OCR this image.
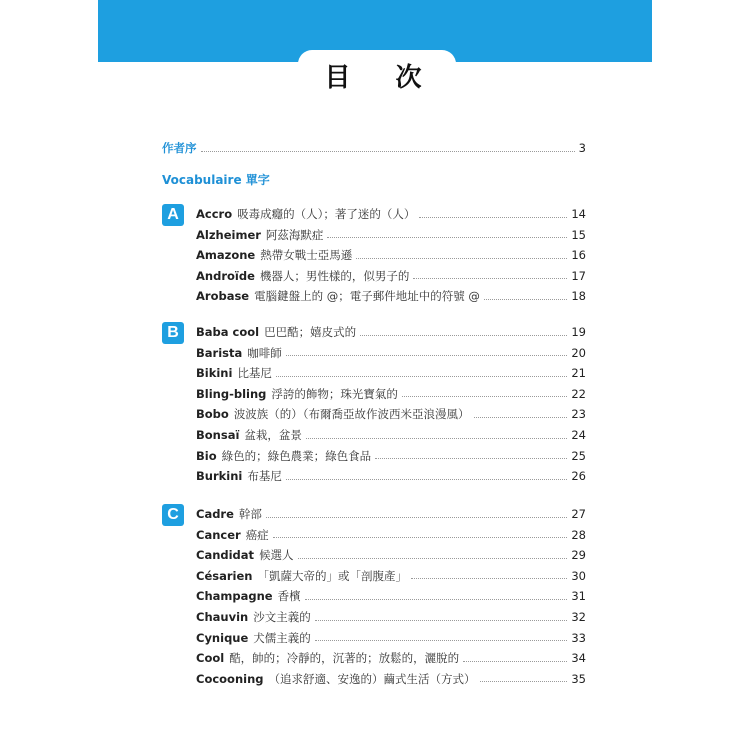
目 次
作者序	3
Vocabulaire 單字
A	Accro 吸毒成癮的（人）；著了迷的（人）	14
Alzheimer 阿茲海默症	15
Amazone 熱帶女戰士亞馬遜	16
Androïde 機器人；男性樣的，似男子的	17
Arobase 電腦鍵盤上的 @；電子郵件地址中的符號 @	18
B	Baba cool 巴巴酷；嬉皮式的	19
Barista 咖啡師	20
Bikini 比基尼	21
Bling-bling 浮誇的飾物；珠光寶氣的	22
Bobo 波波族（的）（布爾喬亞故作波西米亞浪漫風）	23
Bonsaï 盆栽，盆景	24
Bio 綠色的；綠色農業；綠色食品	25
Burkini 布基尼	26
C	Cadre 幹部	27
Cancer 癌症	28
Candidat 候選人	29
Césarien 「凱薩大帝的」或「剖腹產」	30
Champagne 香檳	31
Chauvin 沙文主義的	32
Cynique 犬儒主義的	33
Cool 酷，帥的；冷靜的，沉著的；放鬆的，灑脫的	34
Cocooning （追求舒適、安逸的）繭式生活（方式）	35
